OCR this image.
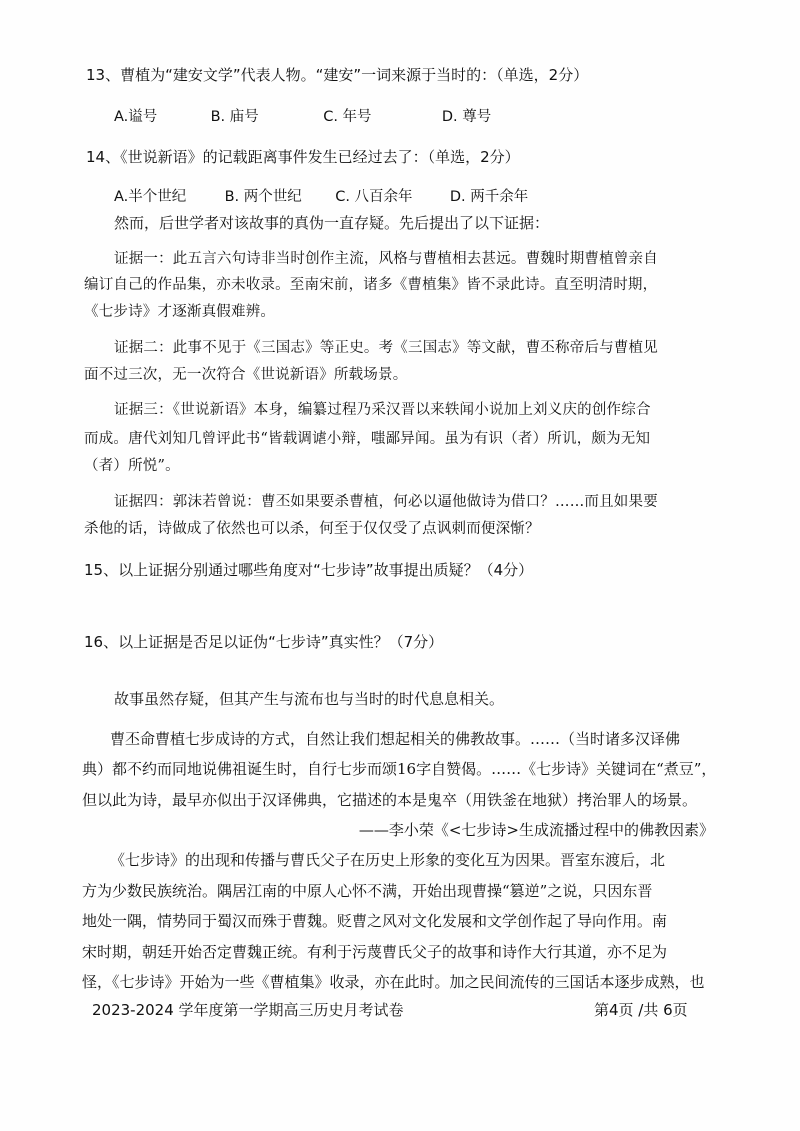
13、曹植为“建安文学”代表人物。“建安”一词来源于当时的：（单选，2分）
A.谥号	B. 庙号	C. 年号	D. 尊号
14、《世说新语》的记载距离事件发生已经过去了：（单选，2分）
A.半个世纪	B. 两个世纪 C. 八百余年	D. 两千余年
然而，后世学者对该故事的真伪一直存疑。先后提出了以下证据：
证据一：此五言六句诗非当时创作主流，风格与曹植相去甚远。曹魏时期曹植曾亲自
编订自己的作品集，亦未收录。至南宋前，诸多《曹植集》皆不录此诗。直至明清时期，
《七步诗》才逐渐真假难辨。
证据二：此事不见于《三国志》等正史。考《三国志》等文献，曹丕称帝后与曹植见
面不过三次，无一次符合《世说新语》所载场景。
证据三：《世说新语》本身，编纂过程乃采汉晋以来轶闻小说加上刘义庆的创作综合
而成。唐代刘知几曾评此书“皆载调谑小辩，嗤鄙异闻。虽为有识（者）所讥，颇为无知
（者）所悦”。
证据四：郭沫若曾说：曹丕如果要杀曹植，何必以逼他做诗为借口？……而且如果要
杀他的话，诗做成了依然也可以杀，何至于仅仅受了点讽刺而便深惭？
15、以上证据分别通过哪些角度对“七步诗”故事提出质疑？（4分）
16、以上证据是否足以证伪“七步诗”真实性？（7分）
故事虽然存疑，但其产生与流布也与当时的时代息息相关。
曹丕命曹植七步成诗的方式，自然让我们想起相关的佛教故事。……（当时诸多汉译佛
典）都不约而同地说佛祖诞生时，自行七步而颂16字自赞偈。……《七步诗》关键词在“煮豆”，
但以此为诗，最早亦似出于汉译佛典，它描述的本是鬼卒（用铁釜在地狱）拷治罪人的场景。
——李小荣《<七步诗>生成流播过程中的佛教因素》
《七步诗》的出现和传播与曹氏父子在历史上形象的变化互为因果。晋室东渡后，北
方为少数民族统治。隅居江南的中原人心怀不满，开始出现曹操“篡逆”之说，只因东晋
地处一隅，情势同于蜀汉而殊于曹魏。贬曹之风对文化发展和文学创作起了导向作用。南
宋时期，朝廷开始否定曹魏正统。有利于污蔑曹氏父子的故事和诗作大行其道，亦不足为
怪，《七步诗》开始为一些《曹植集》收录，亦在此时。加之民间流传的三国话本逐步成熟，也
2023-2024 学年度第一学期高三历史月考试卷	第4页 /共 6页
